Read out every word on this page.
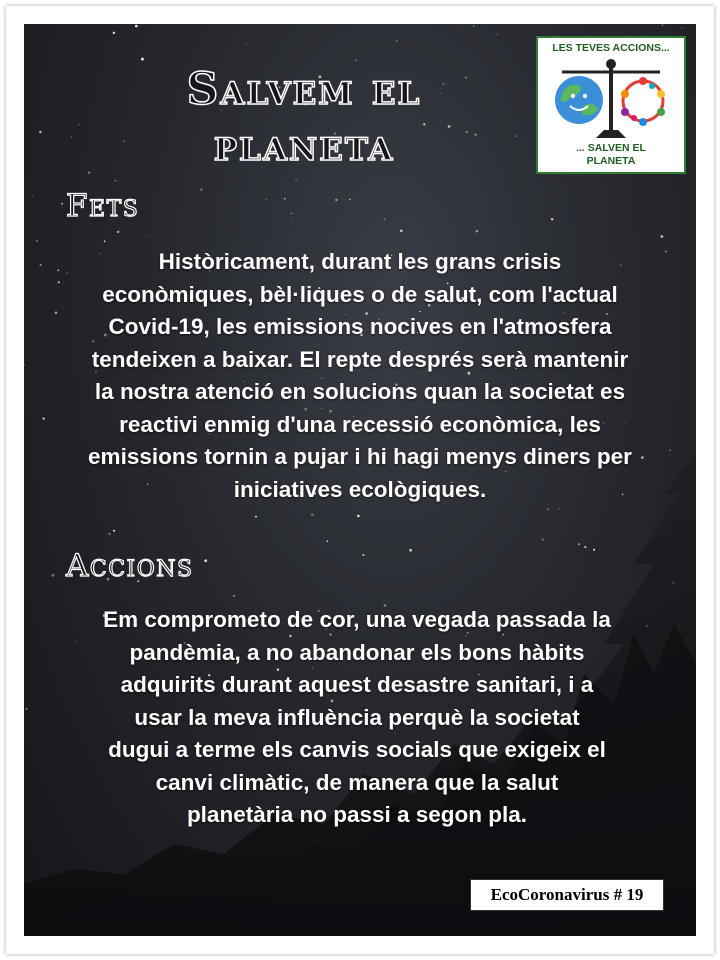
Salvem el
planeta
LES TEVES ACCIONS...
... SALVEN EL
PLANETA
Fets
Històricament, durant les grans crisis
econòmiques, bèl·liques o de salut, com l'actual
Covid-19, les emissions nocives en l'atmosfera
tendeixen a baixar. El repte després serà mantenir
la nostra atenció en solucions quan la societat es
reactivi enmig d'una recessió econòmica, les
emissions tornin a pujar i hi hagi menys diners per
iniciatives ecològiques.
Accions
Em comprometo de cor, una vegada passada la
pandèmia, a no abandonar els bons hàbits
adquirits durant aquest desastre sanitari, i a
usar la meva influència perquè la societat
dugui a terme els canvis socials que exigeix el
canvi climàtic, de manera que la salut
planetària no passi a segon pla.
EcoCoronavirus # 19
